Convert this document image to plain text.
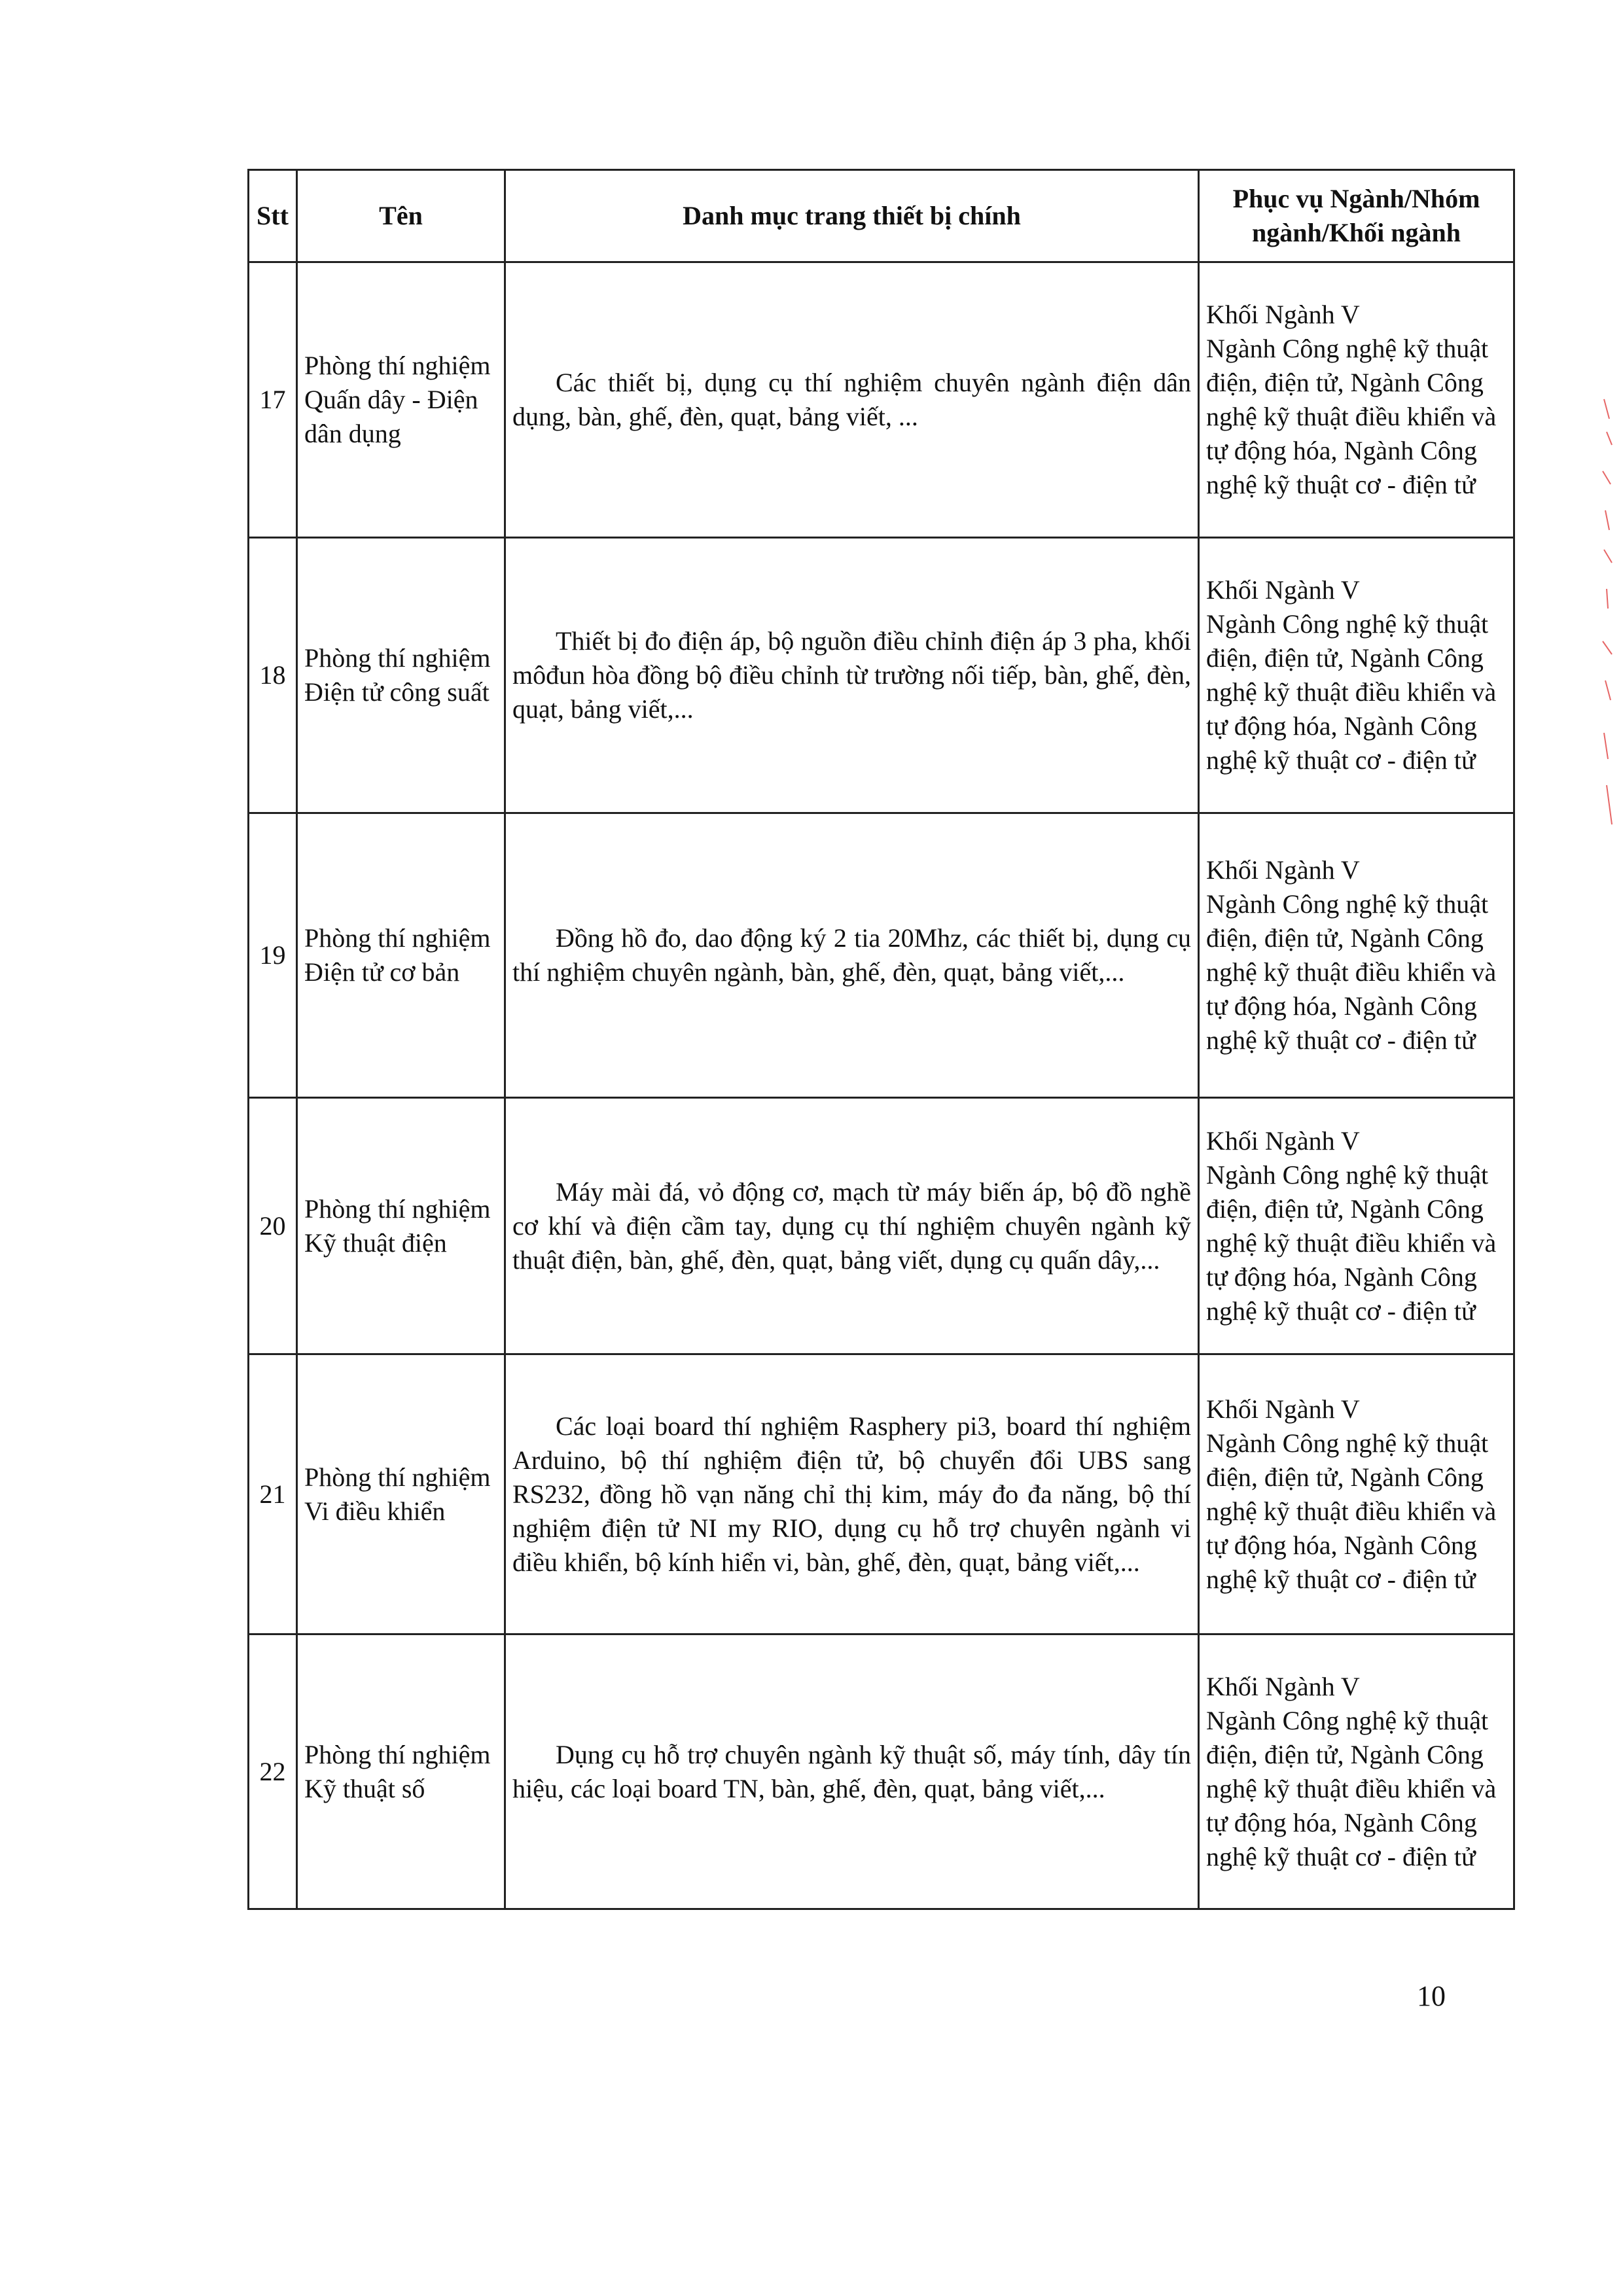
Stt	Tên	Danh mục trang thiết bị chính	Phục vụ Ngành/Nhóm ngành/Khối ngành
17	Phòng thí nghiệm Quấn dây - Điện dân dụng	Các thiết bị, dụng cụ thí nghiệm chuyên ngành điện dân dụng, bàn, ghế, đèn, quạt, bảng viết, ...	Khối Ngành V
Ngành Công nghệ kỹ thuật điện, điện tử, Ngành Công nghệ kỹ thuật điều khiển và tự động hóa, Ngành Công nghệ kỹ thuật cơ - điện tử

18	Phòng thí nghiệm Điện tử công suất	Thiết bị đo điện áp, bộ nguồn điều chỉnh điện áp 3 pha, khối môđun hòa đồng bộ điều chỉnh từ trường nối tiếp, bàn, ghế, đèn, quạt, bảng viết,...	Khối Ngành V
Ngành Công nghệ kỹ thuật điện, điện tử, Ngành Công nghệ kỹ thuật điều khiển và tự động hóa, Ngành Công nghệ kỹ thuật cơ - điện tử

19	Phòng thí nghiệm Điện tử cơ bản	Đồng hồ đo, dao động ký 2 tia 20Mhz, các thiết bị, dụng cụ thí nghiệm chuyên ngành, bàn, ghế, đèn, quạt, bảng viết,...	Khối Ngành V
Ngành Công nghệ kỹ thuật điện, điện tử, Ngành Công nghệ kỹ thuật điều khiển và tự động hóa, Ngành Công nghệ kỹ thuật cơ - điện tử

20	Phòng thí nghiệm Kỹ thuật điện	Máy mài đá, vỏ động cơ, mạch từ máy biến áp, bộ đồ nghề cơ khí và điện cầm tay, dụng cụ thí nghiệm chuyên ngành kỹ thuật điện, bàn, ghế, đèn, quạt, bảng viết, dụng cụ quấn dây,...	Khối Ngành V
Ngành Công nghệ kỹ thuật điện, điện tử, Ngành Công nghệ kỹ thuật điều khiển và tự động hóa, Ngành Công nghệ kỹ thuật cơ - điện tử

21	Phòng thí nghiệm Vi điều khiển	Các loại board thí nghiệm Rasphery pi3, board thí nghiệm Arduino, bộ thí nghiệm điện tử, bộ chuyển đổi UBS sang RS232, đồng hồ vạn năng chỉ thị kim, máy đo đa năng, bộ thí nghiệm điện tử NI my RIO, dụng cụ hỗ trợ chuyên ngành vi điều khiển, bộ kính hiển vi, bàn, ghế, đèn, quạt, bảng viết,...	Khối Ngành V
Ngành Công nghệ kỹ thuật điện, điện tử, Ngành Công nghệ kỹ thuật điều khiển và tự động hóa, Ngành Công nghệ kỹ thuật cơ - điện tử

22	Phòng thí nghiệm Kỹ thuật số	Dụng cụ hỗ trợ chuyên ngành kỹ thuật số, máy tính, dây tín hiệu, các loại board TN, bàn, ghế, đèn, quạt, bảng viết,...	Khối Ngành V
Ngành Công nghệ kỹ thuật điện, điện tử, Ngành Công nghệ kỹ thuật điều khiển và tự động hóa, Ngành Công nghệ kỹ thuật cơ - điện tử
10
